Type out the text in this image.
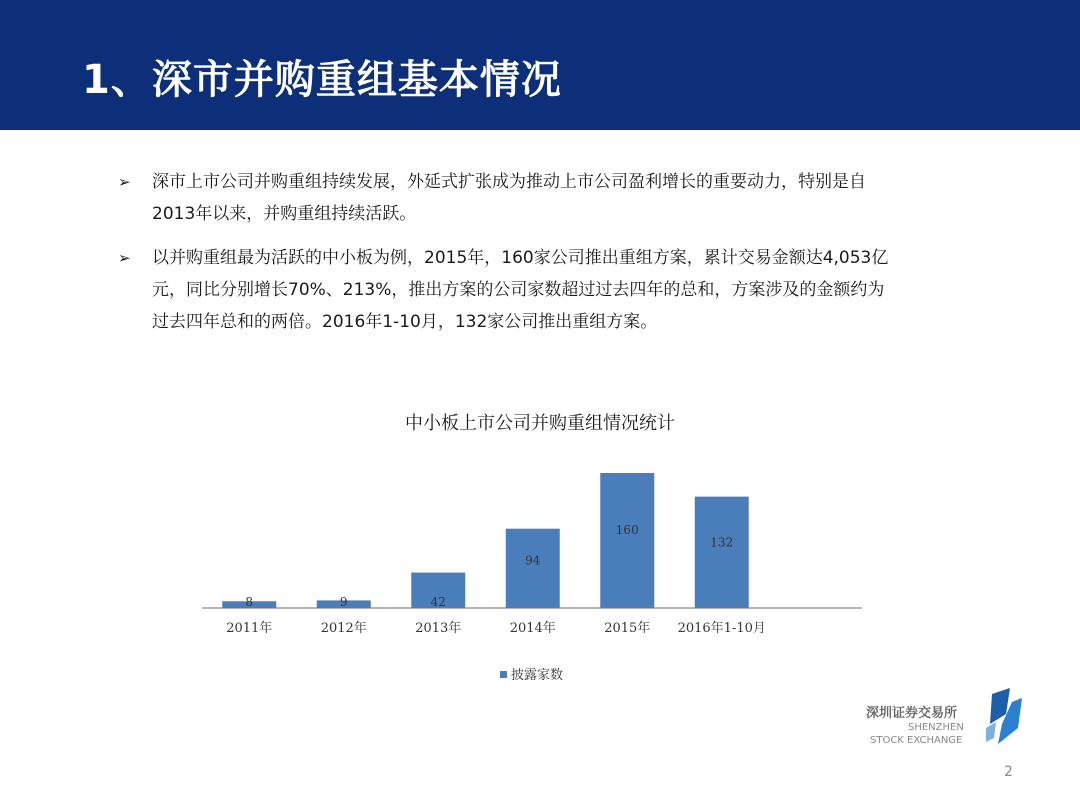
1、深市并购重组基本情况
➢ 深市上市公司并购重组持续发展，外延式扩张成为推动上市公司盈利增长的重要动力，特别是自2013年以来，并购重组持续活跃。
➢ 以并购重组最为活跃的中小板为例，2015年，160家公司推出重组方案，累计交易金额达4,053亿元，同比分别增长70%、213%，推出方案的公司家数超过过去四年的总和，方案涉及的金额约为过去四年总和的两倍。2016年1-10月，132家公司推出重组方案。
中小板上市公司并购重组情况统计
8
2011年
9
2012年
42
2013年
94
2014年
160
2015年
132
2016年1-10月
披露家数
深圳证券交易所
SHENZHEN
STOCK EXCHANGE
2
